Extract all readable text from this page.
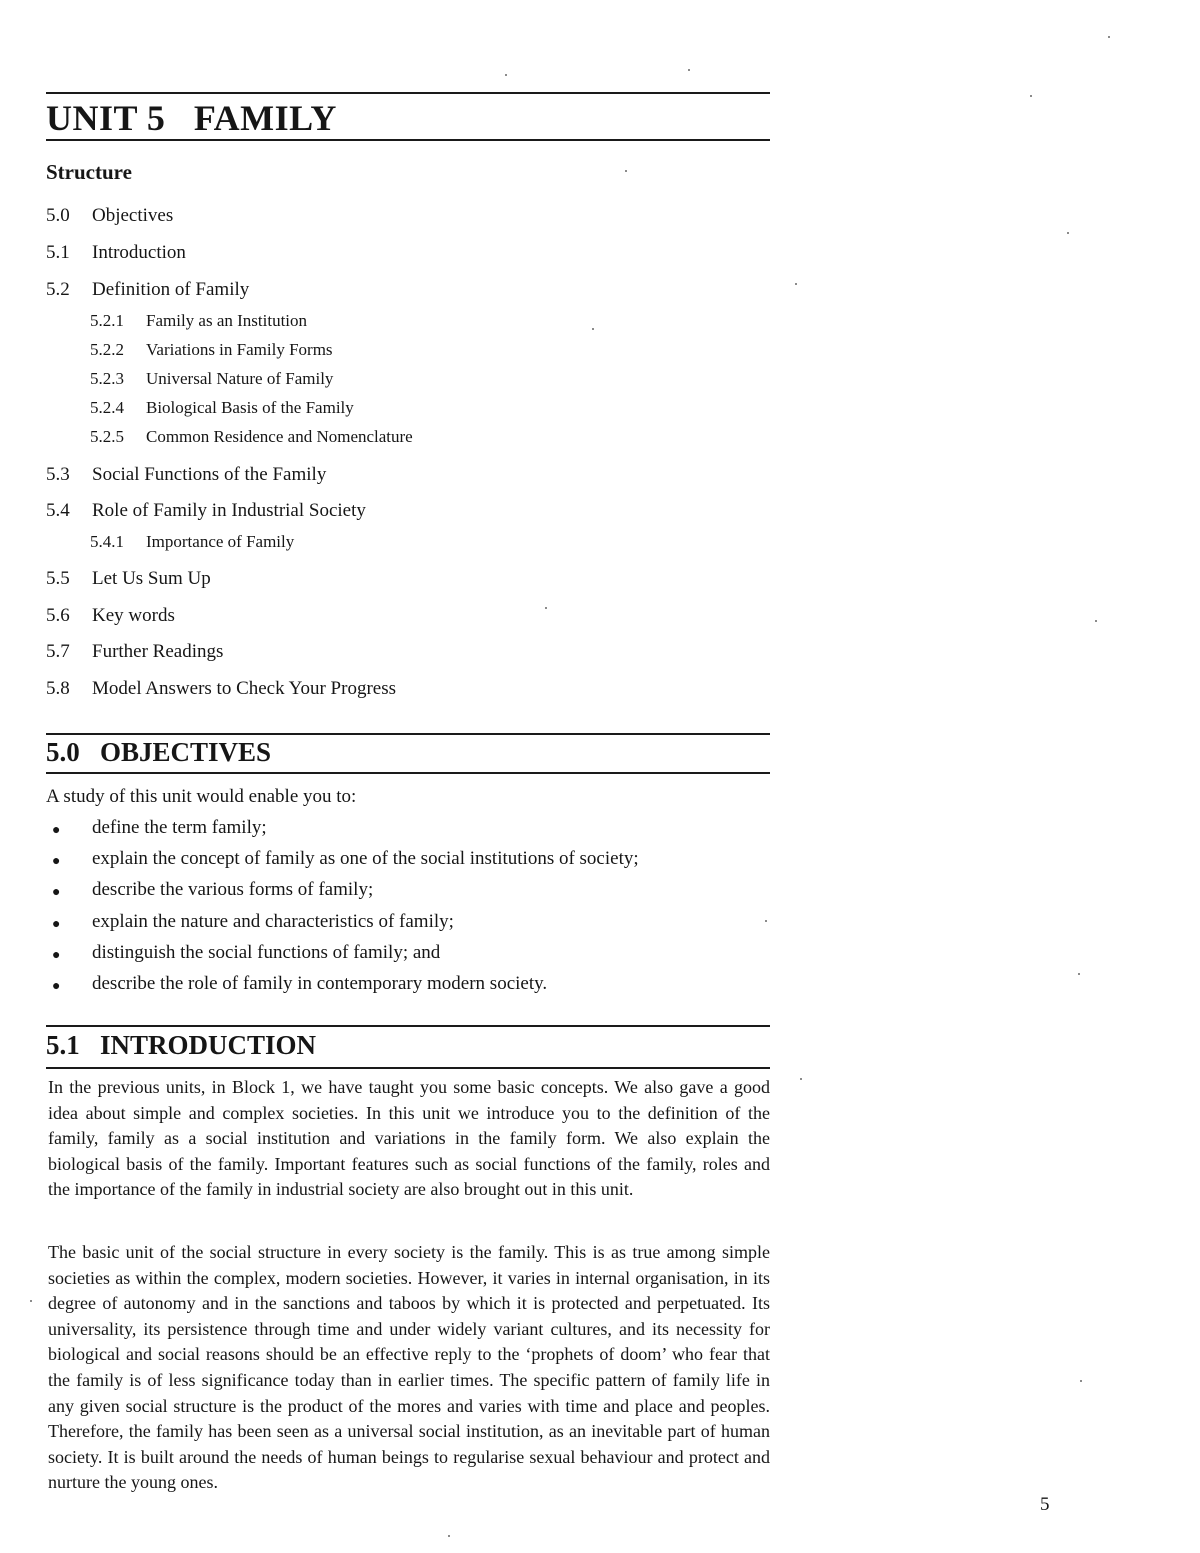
UNIT 5   FAMILY
Structure
5.0 Objectives
5.1 Introduction
5.2 Definition of Family
5.2.1 Family as an Institution
5.2.2 Variations in Family Forms
5.2.3 Universal Nature of Family
5.2.4 Biological Basis of the Family
5.2.5 Common Residence and Nomenclature
5.3 Social Functions of the Family
5.4 Role of Family in Industrial Society
5.4.1 Importance of Family
5.5 Let Us Sum Up
5.6 Key words
5.7 Further Readings
5.8 Model Answers to Check Your Progress
5.0   OBJECTIVES

A study of this unit would enable you to:

● define the term family;
● explain the concept of family as one of the social institutions of society;
● describe the various forms of family;
● explain the nature and characteristics of family;
● distinguish the social functions of family; and
● describe the role of family in contemporary modern society.
5.1   INTRODUCTION

In the previous units, in Block 1, we have taught you some basic concepts. We also gave a good idea about simple and complex societies. In this unit we introduce you to the definition of the family, family as a social institution and variations in the family form. We also explain the biological basis of the family. Important features such as social functions of the family, roles and the importance of the family in industrial society are also brought out in this unit.

The basic unit of the social structure in every society is the family. This is as true among simple societies as within the complex, modern societies. However, it varies in internal organisation, in its degree of autonomy and in the sanctions and taboos by which it is protected and perpetuated. Its universality, its persistence through time and under widely variant cultures, and its necessity for biological and social reasons should be an effective reply to the ‘prophets of doom’ who fear that the family is of less significance today than in earlier times. The specific pattern of family life in any given social structure is the product of the mores and varies with time and place and peoples. Therefore, the family has been seen as a universal social institution, as an inevitable part of human society. It is built around the needs of human beings to regularise sexual behaviour and protect and nurture the young ones.

5
